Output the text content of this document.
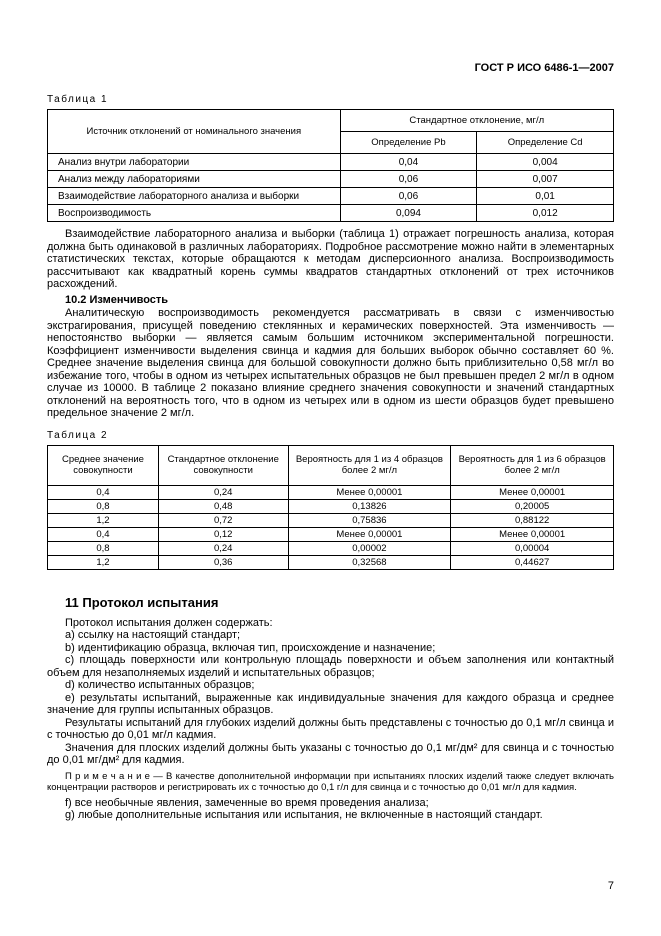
ГОСТ Р ИСО 6486-1—2007
Таблица 1
Источник отклонений от номинального значения	Стандартное отклонение, мг/л	
	Определение Pb	Определение Cd
Анализ внутри лаборатории	0,04	0,004
Анализ между лабораториями	0,06	0,007
Взаимодействие лабораторного анализа и выборки	0,06	0,01
Воспроизводимость	0,094	0,012

Взаимодействие лабораторного анализа и выборки (таблица 1) отражает погрешность анализа, которая должна быть одинаковой в различных лабораториях. Подробное рассмотрение можно найти в элементарных статистических текстах, которые обращаются к методам дисперсионного анализа. Воспроизводимость рассчитывают как квадратный корень суммы квадратов стандартных отклонений от трех источников расхождений.

10.2 Изменчивость

Аналитическую воспроизводимость рекомендуется рассматривать в связи с изменчивостью экстрагирования, присущей поведению стеклянных и керамических поверхностей. Эта изменчивость — непостоянство выборки — является самым большим источником экспериментальной погрешности. Коэффициент изменчивости выделения свинца и кадмия для больших выборок обычно составляет 60 %. Среднее значение выделения свинца для большой совокупности должно быть приблизительно 0,58 мг/л во избежание того, чтобы в одном из четырех испытательных образцов не был превышен предел 2 мг/л в одном случае из 10000. В таблице 2 показано влияние среднего значения совокупности и значений стандартных отклонений на вероятность того, что в одном из четырех или в одном из шести образцов будет превышено предельное значение 2 мг/л.

Таблица 2
Среднее значение совокупности	Стандартное отклонение совокупности	Вероятность для 1 из 4 образцов более 2 мг/л	Вероятность для 1 из 6 образцов более 2 мг/л
0,4	0,24	Менее 0,00001	Менее 0,00001
0,8	0,48	0,13826	0,20005
1,2	0,72	0,75836	0,88122
0,4	0,12	Менее 0,00001	Менее 0,00001
0,8	0,24	0,00002	0,00004
1,2	0,36	0,32568	0,44627
11 Протокол испытания

Протокол испытания должен содержать:

a) ссылку на настоящий стандарт;

b) идентификацию образца, включая тип, происхождение и назначение;

c) площадь поверхности или контрольную площадь поверхности и объем заполнения или контактный объем для незаполняемых изделий и испытательных образцов;

d) количество испытанных образцов;

e) результаты испытаний, выраженные как индивидуальные значения для каждого образца и среднее значение для группы испытанных образцов.

Результаты испытаний для глубоких изделий должны быть представлены с точностью до 0,1 мг/л свинца и с точностью до 0,01 мг/л кадмия.

Значения для плоских изделий должны быть указаны с точностью до 0,1 мг/дм² для свинца и с точностью до 0,01 мг/дм² для кадмия.

П р и м е ч а н и е — В качестве дополнительной информации при испытаниях плоских изделий также следует включать концентрации растворов и регистрировать их с точностью до 0,1 г/л для свинца и с точностью до 0,01 мг/л для кадмия.

f) все необычные явления, замеченные во время проведения анализа;

g) любые дополнительные испытания или испытания, не включенные в настоящий стандарт.

7
